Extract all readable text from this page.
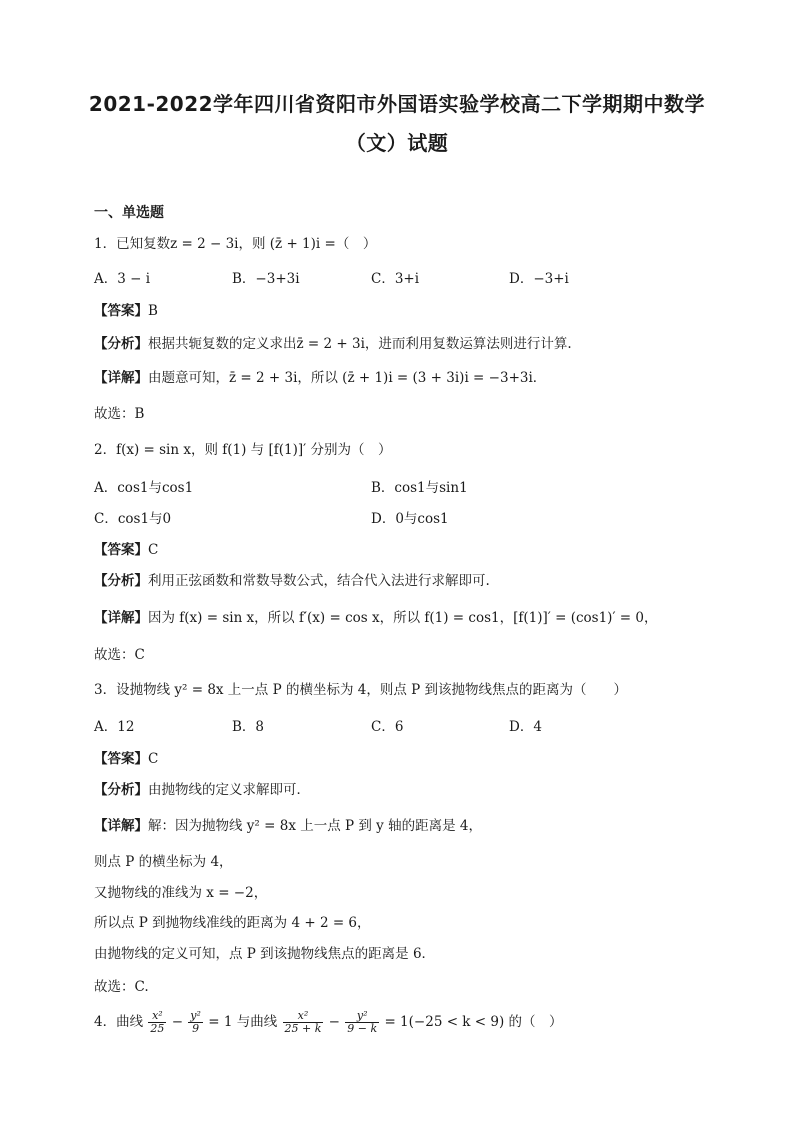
2021-2022学年四川省资阳市外国语实验学校高二下学期期中数学
（文）试题
一、单选题
1．已知复数z = 2 − 3i，则 (z̄ + 1)i =（　）
A．3 − i	B．−3+3i	C．3+i	D．−3+i
【答案】B
【分析】根据共轭复数的定义求出z̄ = 2 + 3i，进而利用复数运算法则进行计算.
【详解】由题意可知，z̄ = 2 + 3i，所以 (z̄ + 1)i = (3 + 3i)i = −3+3i．
故选：B
2．f(x) = sin x，则 f(1) 与 [f(1)]′ 分别为（　）
A．cos1与cos1	B．cos1与sin1
C．cos1与0	D．0与cos1
【答案】C
【分析】利用正弦函数和常数导数公式，结合代入法进行求解即可.
【详解】因为 f(x) = sin x，所以 f′(x) = cos x，所以 f(1) = cos1，[f(1)]′ = (cos1)′ = 0，
故选：C
3．设抛物线 y² = 8x 上一点 P 的横坐标为 4，则点 P 到该抛物线焦点的距离为（　　）
A．12	B．8	C．6	D．4
【答案】C
【分析】由抛物线的定义求解即可．
【详解】解：因为抛物线 y² = 8x 上一点 P 到 y 轴的距离是 4，
则点 P 的横坐标为 4，
又抛物线的准线为 x = −2，
所以点 P 到抛物线准线的距离为 4 + 2 = 6，
由抛物线的定义可知，点 P 到该抛物线焦点的距离是 6．
故选：C.
4．曲线 $\frac{\text{x²}}{25} - \frac{\text{y²}}{9} = 1$ 与曲线 $\frac{\text{x²}}{25 + k} - \frac{\text{y²}}{9 - k} = 1(-25 < k < 9)$ 的（　）
